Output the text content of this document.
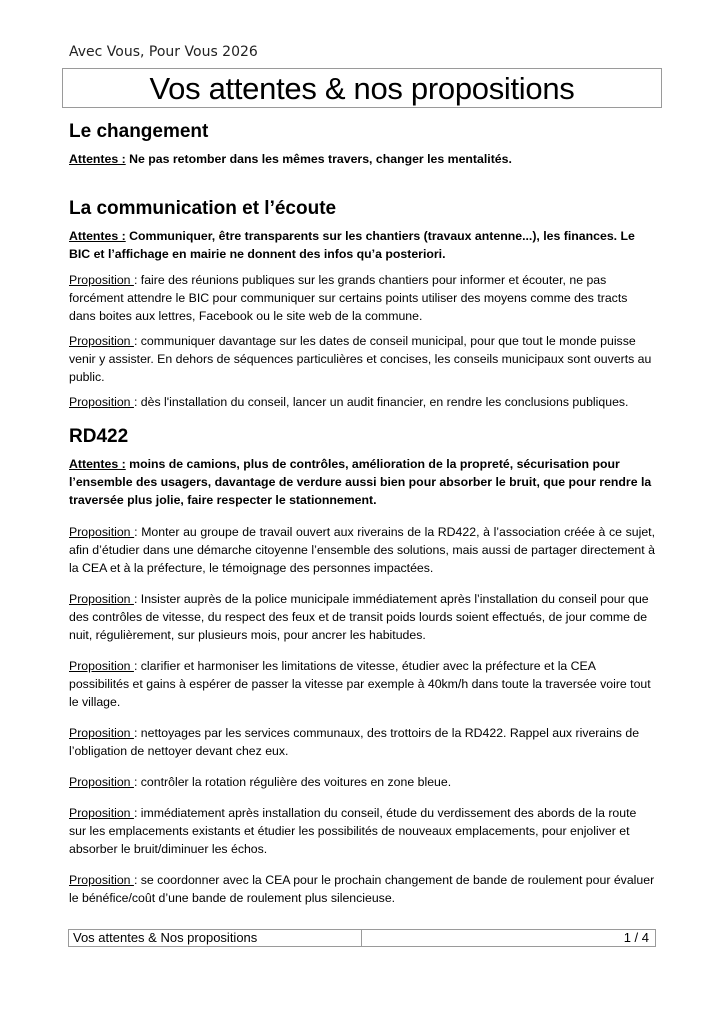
Avec Vous, Pour Vous 2026
Vos attentes & nos propositions
Le changement

Attentes : Ne pas retomber dans les mêmes travers, changer les mentalités.

La communication et l’écoute

Attentes : Communiquer, être transparents sur les chantiers (travaux antenne...), les finances. Le BIC et l’affichage en mairie ne donnent des infos qu’a posteriori.

Proposition : faire des réunions publiques sur les grands chantiers pour informer et écouter, ne pas forcément attendre le BIC pour communiquer sur certains points utiliser des moyens comme des tracts dans boites aux lettres, Facebook ou le site web de la commune.

Proposition : communiquer davantage sur les dates de conseil municipal, pour que tout le monde puisse venir y assister. En dehors de séquences particulières et concises, les conseils municipaux sont ouverts au public.

Proposition : dès l'installation du conseil, lancer un audit financier, en rendre les conclusions publiques.

RD422

Attentes : moins de camions, plus de contrôles, amélioration de la propreté, sécurisation pour l’ensemble des usagers, davantage de verdure aussi bien pour absorber le bruit, que pour rendre la traversée plus jolie, faire respecter le stationnement.

Proposition : Monter au groupe de travail ouvert aux riverains de la RD422, à l’association créée à ce sujet, afin d’étudier dans une démarche citoyenne l’ensemble des solutions, mais aussi de partager directement à la CEA et à la préfecture, le témoignage des personnes impactées.

Proposition : Insister auprès de la police municipale immédiatement après l’installation du conseil pour que des contrôles de vitesse, du respect des feux et de transit poids lourds soient effectués, de jour comme de nuit, régulièrement, sur plusieurs mois, pour ancrer les habitudes.

Proposition : clarifier et harmoniser les limitations de vitesse, étudier avec la préfecture et la CEA possibilités et gains à espérer de passer la vitesse par exemple à 40km/h dans toute la traversée voire tout le village.

Proposition : nettoyages par les services communaux, des trottoirs de la RD422. Rappel aux riverains de l’obligation de nettoyer devant chez eux.

Proposition : contrôler la rotation régulière des voitures en zone bleue.

Proposition : immédiatement après installation du conseil, étude du verdissement des abords de la route sur les emplacements existants et étudier les possibilités de nouveaux emplacements, pour enjoliver et absorber le bruit/diminuer les échos.

Proposition : se coordonner avec la CEA pour le prochain changement de bande de roulement pour évaluer le bénéfice/coût d’une bande de roulement plus silencieuse.

Vos attentes & Nos propositions	1 / 4
